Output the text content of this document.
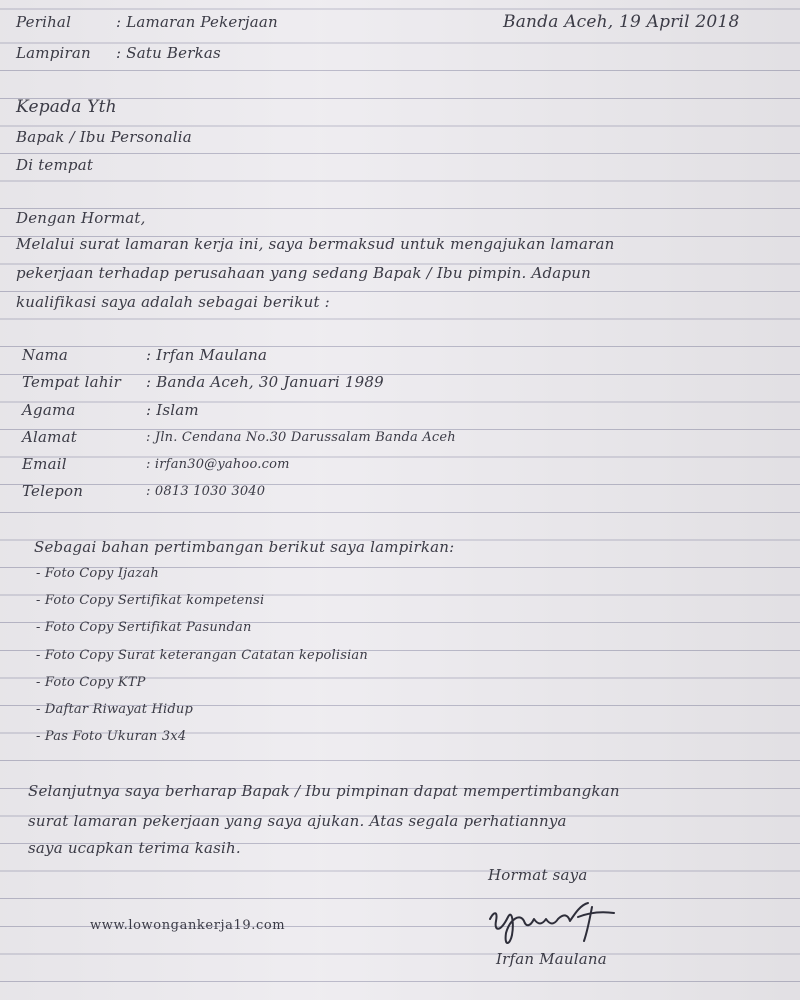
Perihal	: Lamaran Pekerjaan	Banda Aceh, 19 April 2018
Lampiran : Satu Berkas
Kepada Yth
Bapak / Ibu Personalia
Di tempat
Dengan Hormat,
Melalui surat lamaran kerja ini, saya bermaksud untuk mengajukan lamaran
pekerjaan terhadap perusahaan yang sedang Bapak / Ibu pimpin. Adapun
kualifikasi saya adalah sebagai berikut :
Nama	: Irfan Maulana
Tempat lahir : Banda Aceh, 30 Januari 1989
Agama	: Islam
Alamat	: Jln. Cendana No.30 Darussalam Banda Aceh
Email	: irfan30@yahoo.com
Telepon	: 0813 1030 3040
Sebagai bahan pertimbangan berikut saya lampirkan:
- Foto Copy Ijazah
- Foto Copy Sertifikat kompetensi
- Foto Copy Sertifikat Pasundan
- Foto Copy Surat keterangan Catatan kepolisian
- Foto Copy KTP
- Daftar Riwayat Hidup
- Pas Foto Ukuran 3x4
Selanjutnya saya berharap Bapak / Ibu pimpinan dapat mempertimbangkan
surat lamaran pekerjaan yang saya ajukan. Atas segala perhatiannya
saya ucapkan terima kasih.
Hormat saya
www.lowongankerja19.com
Irfan Maulana
